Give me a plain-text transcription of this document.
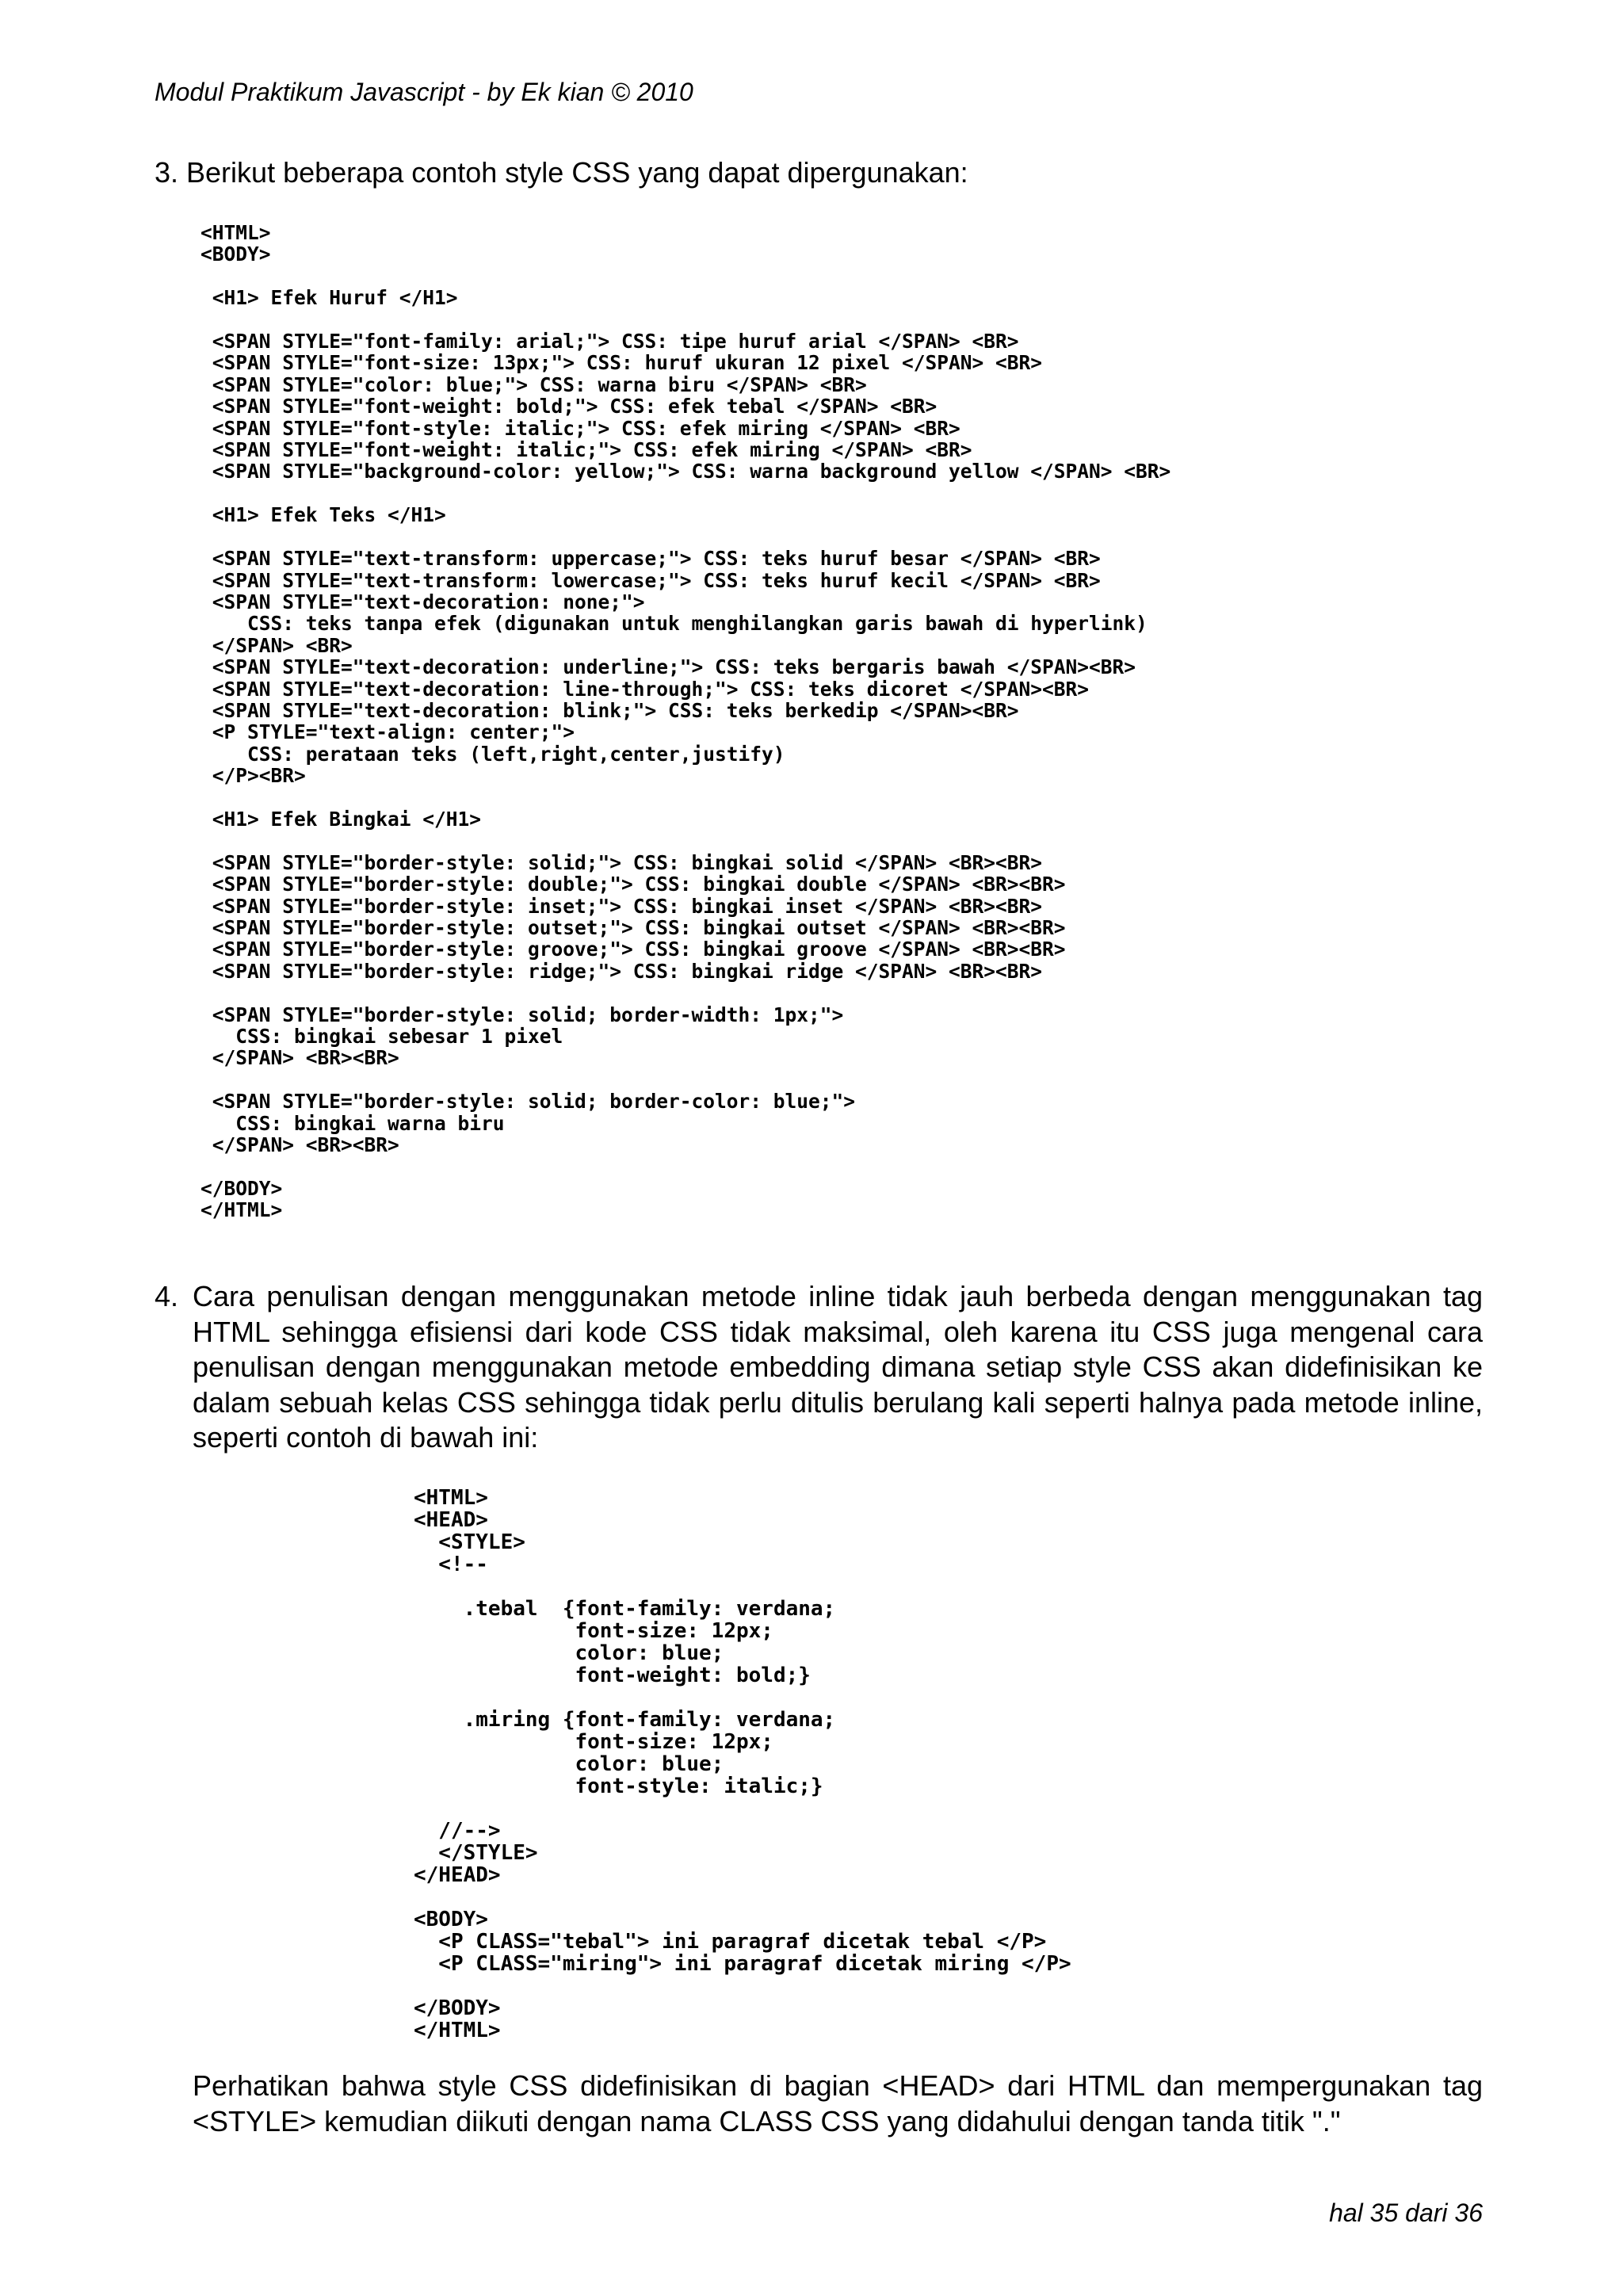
Modul Praktikum Javascript - by Ek kian © 2010
3. Berikut beberapa contoh style CSS yang dapat dipergunakan:
<HTML>
<BODY>

<H1> Efek Huruf </H1>

<SPAN STYLE="font-family: arial;"> CSS: tipe huruf arial </SPAN> <BR>
<SPAN STYLE="font-size: 13px;"> CSS: huruf ukuran 12 pixel </SPAN> <BR>
<SPAN STYLE="color: blue;"> CSS: warna biru </SPAN> <BR>
<SPAN STYLE="font-weight: bold;"> CSS: efek tebal </SPAN> <BR>
<SPAN STYLE="font-style: italic;"> CSS: efek miring </SPAN> <BR>
<SPAN STYLE="font-weight: italic;"> CSS: efek miring </SPAN> <BR>
<SPAN STYLE="background-color: yellow;"> CSS: warna background yellow </SPAN> <BR>

<H1> Efek Teks </H1>

<SPAN STYLE="text-transform: uppercase;"> CSS: teks huruf besar </SPAN> <BR>
<SPAN STYLE="text-transform: lowercase;"> CSS: teks huruf kecil </SPAN> <BR>
<SPAN STYLE="text-decoration: none;">
CSS: teks tanpa efek (digunakan untuk menghilangkan garis bawah di hyperlink)
</SPAN> <BR>
<SPAN STYLE="text-decoration: underline;"> CSS: teks bergaris bawah </SPAN><BR>
<SPAN STYLE="text-decoration: line-through;"> CSS: teks dicoret </SPAN><BR>
<SPAN STYLE="text-decoration: blink;"> CSS: teks berkedip </SPAN><BR>
<P STYLE="text-align: center;">
CSS: perataan teks (left,right,center,justify)
</P><BR>

<H1> Efek Bingkai </H1>

<SPAN STYLE="border-style: solid;"> CSS: bingkai solid </SPAN> <BR><BR>
<SPAN STYLE="border-style: double;"> CSS: bingkai double </SPAN> <BR><BR>
<SPAN STYLE="border-style: inset;"> CSS: bingkai inset </SPAN> <BR><BR>
<SPAN STYLE="border-style: outset;"> CSS: bingkai outset </SPAN> <BR><BR>
<SPAN STYLE="border-style: groove;"> CSS: bingkai groove </SPAN> <BR><BR>
<SPAN STYLE="border-style: ridge;"> CSS: bingkai ridge </SPAN> <BR><BR>

<SPAN STYLE="border-style: solid; border-width: 1px;">
CSS: bingkai sebesar 1 pixel
</SPAN> <BR><BR>

<SPAN STYLE="border-style: solid; border-color: blue;">
CSS: bingkai warna biru
</SPAN> <BR><BR>

</BODY>
</HTML>
4. Cara penulisan dengan menggunakan metode inline tidak jauh berbeda dengan menggunakan tag HTML sehingga efisiensi dari kode CSS tidak maksimal, oleh karena itu CSS juga mengenal cara penulisan dengan menggunakan metode embedding dimana setiap style CSS akan didefinisikan ke dalam sebuah kelas CSS sehingga tidak perlu ditulis berulang kali seperti halnya pada metode inline, seperti contoh di bawah ini:
<HTML>
<HEAD>
<STYLE>
<!--

.tebal  {font-family: verdana;
font-size: 12px;
color: blue;
font-weight: bold;}

.miring {font-family: verdana;
font-size: 12px;
color: blue;
font-style: italic;}

//-->
</STYLE>
</HEAD>

<BODY>
<P CLASS="tebal"> ini paragraf dicetak tebal </P>
<P CLASS="miring"> ini paragraf dicetak miring </P>

</BODY>
</HTML>
Perhatikan bahwa style CSS didefinisikan di bagian <HEAD> dari HTML dan mempergunakan tag <STYLE> kemudian diikuti dengan nama CLASS CSS yang didahului dengan tanda titik "."
hal 35 dari 36
